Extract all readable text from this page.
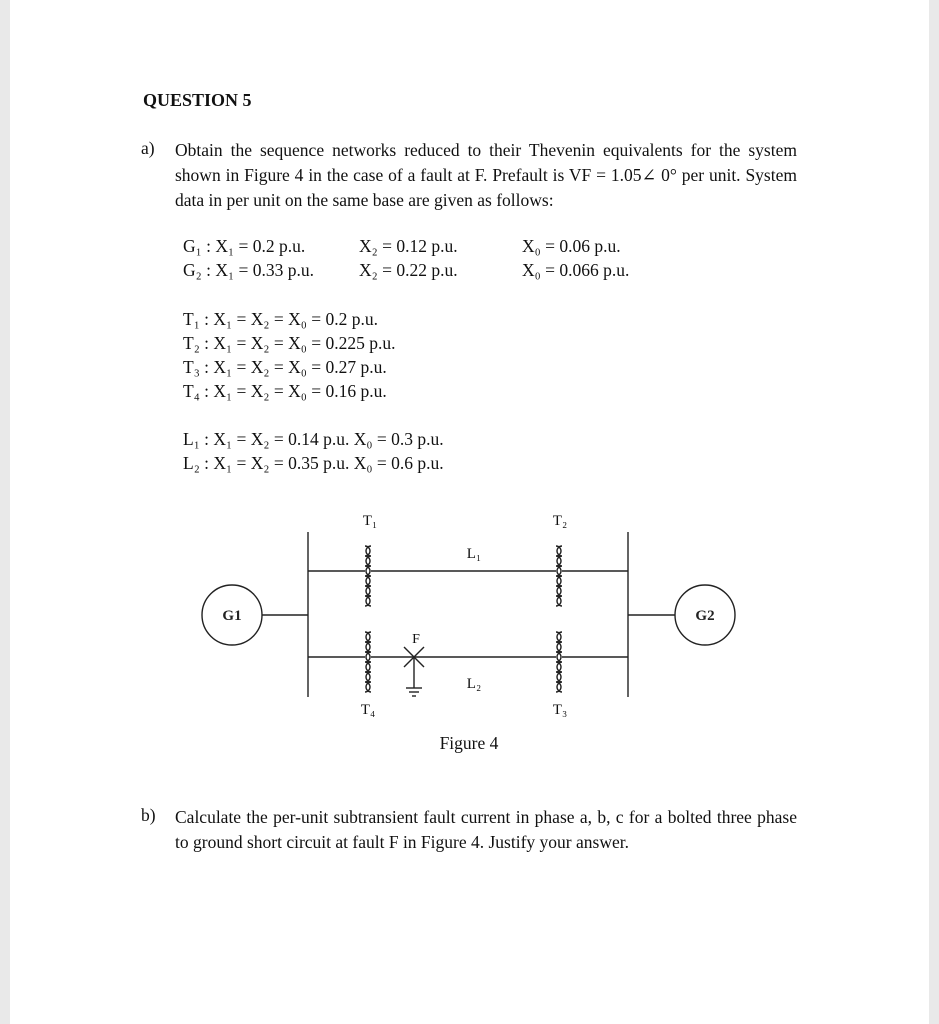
QUESTION 5
a) Obtain the sequence networks reduced to their Thevenin equivalents for the system shown in Figure 4 in the case of a fault at F. Prefault is VF = 1.05∠ 0° per unit. System data in per unit on the same base are given as follows:
G₁ : X₁ = 0.2 p.u.	X₂ = 0.12 p.u.	X₀ = 0.06 p.u.
G₂ : X₁ = 0.33 p.u.	X₂ = 0.22 p.u.	X₀ = 0.066 p.u.
T₁ : X₁ = X₂ = X₀ = 0.2 p.u.
T₂ : X₁ = X₂ = X₀ = 0.225 p.u.
T₃ : X₁ = X₂ = X₀ = 0.27 p.u.
T₄ : X₁ = X₂ = X₀ = 0.16 p.u.
L₁ : X₁ = X₂ = 0.14 p.u. X₀ = 0.3 p.u.
L₂ : X₁ = X₂ = 0.35 p.u. X₀ = 0.6 p.u.
T₁	T₂
T₄	T₃
L₁
L₂
F
G1	G2
Figure 4
b) Calculate the per-unit subtransient fault current in phase a, b, c for a bolted three phase to ground short circuit at fault F in Figure 4. Justify your answer.
